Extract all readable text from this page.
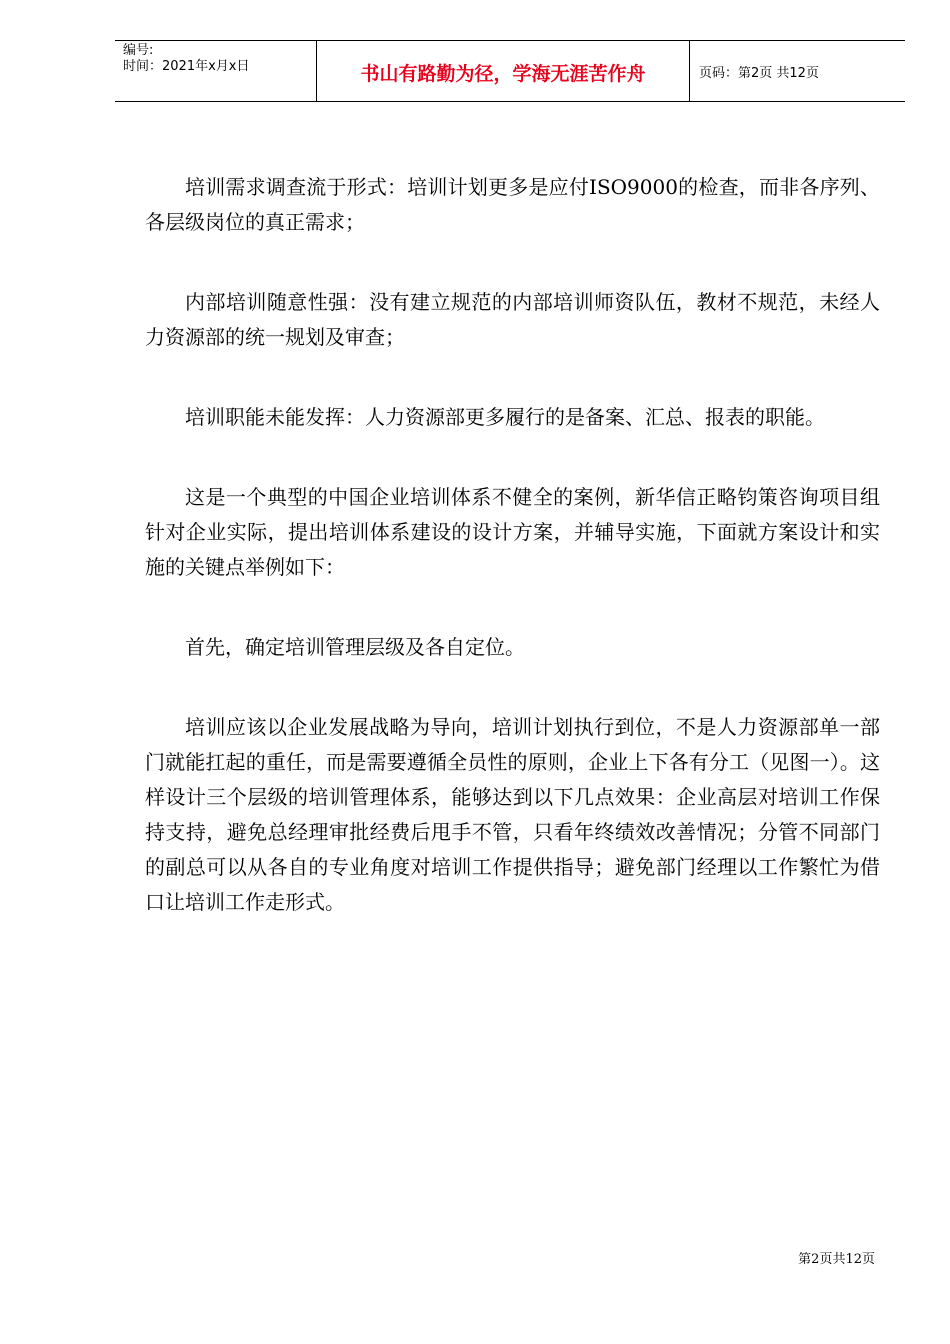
编号:
时间：2021年x月x日	书山有路勤为径，学海无涯苦作舟	页码：第2页 共12页

培训需求调查流于形式：培训计划更多是应付ISO9000的检查，而非各序列、各层级岗位的真正需求；

内部培训随意性强：没有建立规范的内部培训师资队伍，教材不规范，未经人力资源部的统一规划及审查；

培训职能未能发挥：人力资源部更多履行的是备案、汇总、报表的职能。

这是一个典型的中国企业培训体系不健全的案例，新华信正略钧策咨询项目组针对企业实际，提出培训体系建设的设计方案，并辅导实施，下面就方案设计和实施的关键点举例如下：

首先，确定培训管理层级及各自定位。

培训应该以企业发展战略为导向，培训计划执行到位，不是人力资源部单一部门就能扛起的重任，而是需要遵循全员性的原则，企业上下各有分工（见图一）。这样设计三个层级的培训管理体系，能够达到以下几点效果：企业高层对培训工作保持支持，避免总经理审批经费后甩手不管，只看年终绩效改善情况；分管不同部门的副总可以从各自的专业角度对培训工作提供指导；避免部门经理以工作繁忙为借口让培训工作走形式。

第2页共12页
